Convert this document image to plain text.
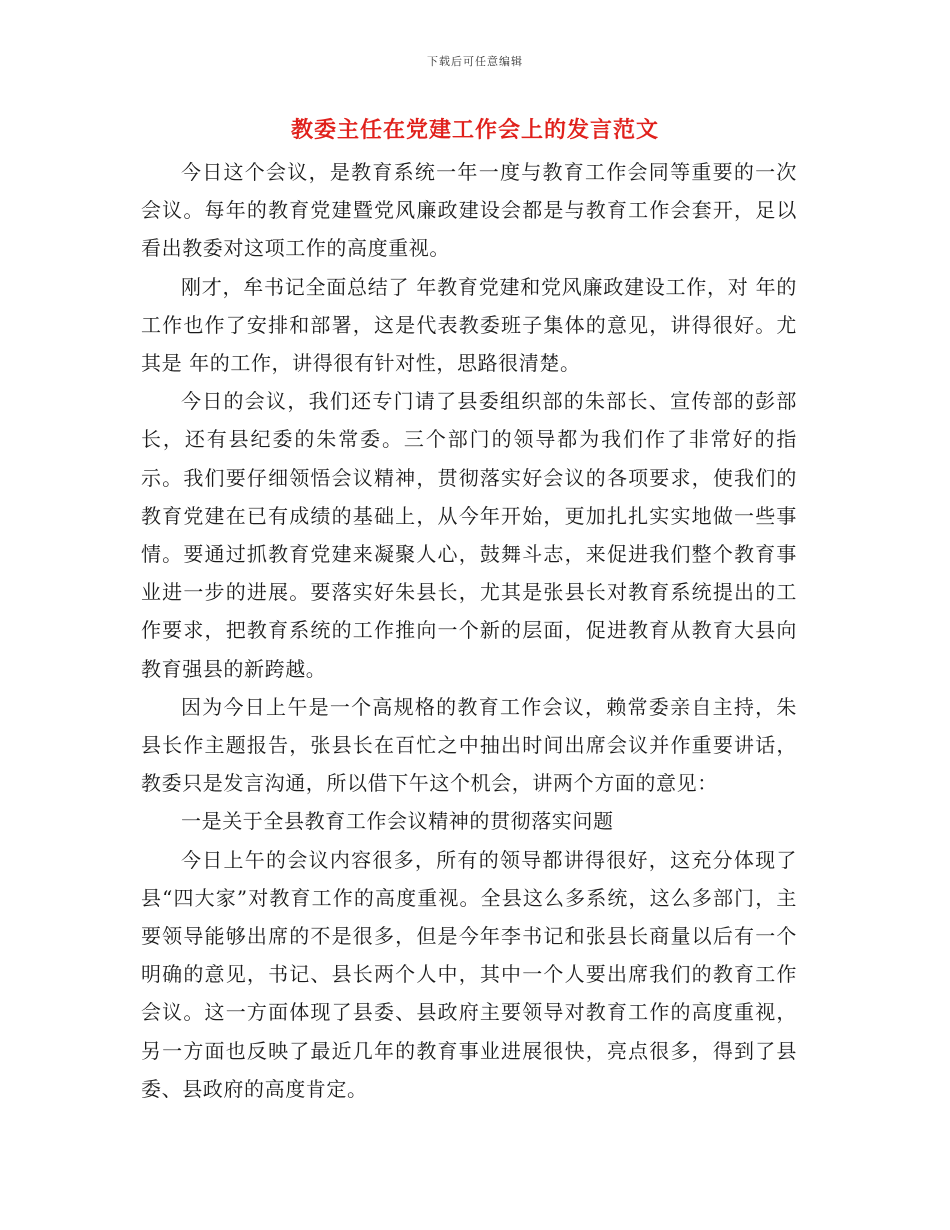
下载后可任意编辑
教委主任在党建工作会上的发言范文

今日这个会议，是教育系统一年一度与教育工作会同等重要的一次会议。每年的教育党建暨党风廉政建设会都是与教育工作会套开，足以看出教委对这项工作的高度重视。

刚才，牟书记全面总结了 年教育党建和党风廉政建设工作，对 年的工作也作了安排和部署，这是代表教委班子集体的意见，讲得很好。尤其是 年的工作，讲得很有针对性，思路很清楚。

今日的会议，我们还专门请了县委组织部的朱部长、宣传部的彭部长，还有县纪委的朱常委。三个部门的领导都为我们作了非常好的指示。我们要仔细领悟会议精神，贯彻落实好会议的各项要求，使我们的教育党建在已有成绩的基础上，从今年开始，更加扎扎实实地做一些事情。要通过抓教育党建来凝聚人心，鼓舞斗志，来促进我们整个教育事业进一步的进展。要落实好朱县长，尤其是张县长对教育系统提出的工作要求，把教育系统的工作推向一个新的层面，促进教育从教育大县向教育强县的新跨越。

因为今日上午是一个高规格的教育工作会议，赖常委亲自主持，朱县长作主题报告，张县长在百忙之中抽出时间出席会议并作重要讲话，教委只是发言沟通，所以借下午这个机会，讲两个方面的意见：

一是关于全县教育工作会议精神的贯彻落实问题

今日上午的会议内容很多，所有的领导都讲得很好，这充分体现了县“四大家”对教育工作的高度重视。全县这么多系统，这么多部门，主要领导能够出席的不是很多，但是今年李书记和张县长商量以后有一个明确的意见，书记、县长两个人中，其中一个人要出席我们的教育工作会议。这一方面体现了县委、县政府主要领导对教育工作的高度重视，另一方面也反映了最近几年的教育事业进展很快，亮点很多，得到了县委、县政府的高度肯定。
